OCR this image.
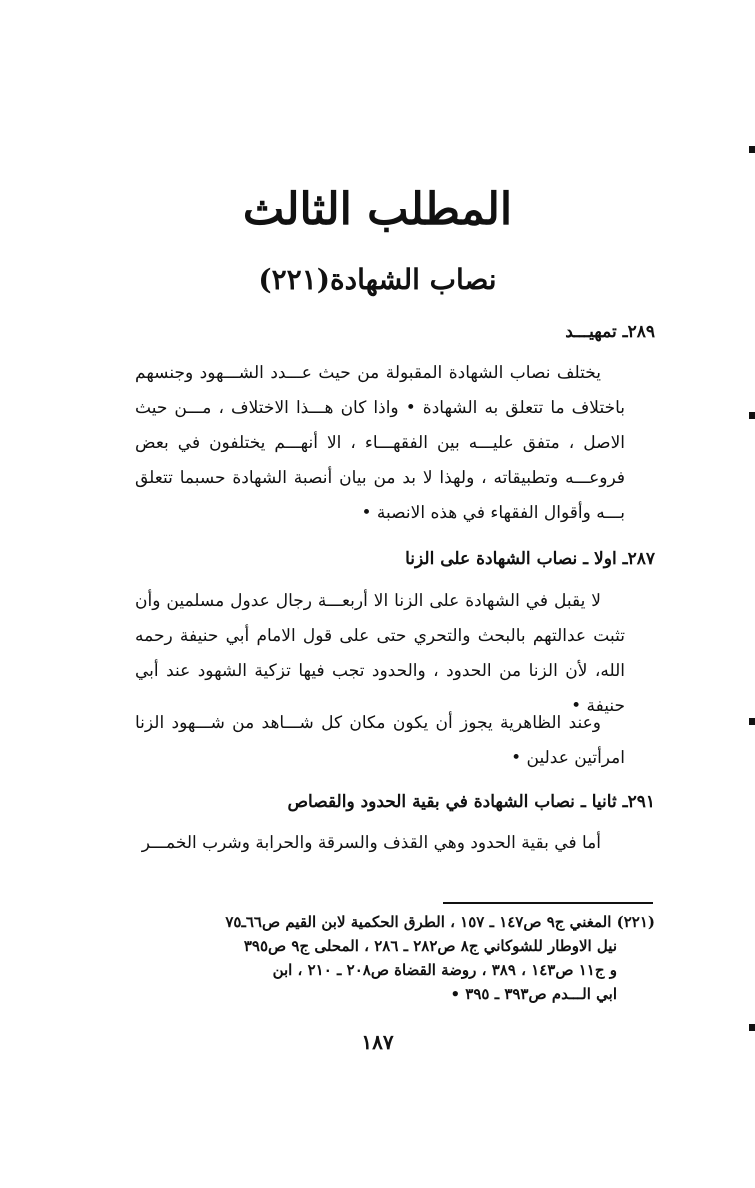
المطلب الثالث
نصاب الشهادة(٢٢١)
٢٨٩ـ تمهيـــد

يختلف نصاب الشهادة المقبولة من حيث عـــدد الشـــهود وجنسهم باختلاف ما تتعلق به الشهادة • واذا كان هـــذا الاختلاف ، مـــن حيث الاصل ، متفق عليـــه بين الفقهـــاء ، الا أنهـــم يختلفون في بعض فروعـــه وتطبيقاته ، ولهذا لا بد من بيان أنصبة الشهادة حسبما تتعلق بـــه وأقوال الفقهاء في هذه الانصبة •

٢٨٧ـ اولا ـ نصاب الشهادة على الزنا

لا يقبل في الشهادة على الزنا الا أربعـــة رجال عدول مسلمين وأن تثبت عدالتهم بالبحث والتحري حتى على قول الامام أبي حنيفة رحمه الله، لأن الزنا من الحدود ، والحدود تجب فيها تزكية الشهود عند أبي حنيفة •

وعند الظاهرية يجوز أن يكون مكان كل شـــاهد من شـــهود الزنا امرأتين عدلين •

٢٩١ـ ثانيا ـ نصاب الشهادة في بقية الحدود والقصاص

أما في بقية الحدود وهي القذف والسرقة والحرابة وشرب الخمـــر

(٢٢١) المغني ج٩ ص١٤٧ ـ ١٥٧ ، الطرق الحكمية لابن القيم ص٦٦ـ٧٥
نيل الاوطار للشوكاني ج٨ ص٢٨٢ ـ ٢٨٦ ، المحلى ج٩ ص٣٩٥
و ج١١ ص١٤٣ ، ٣٨٩ ، روضة القضاة ص٢٠٨ ـ ٢١٠ ، ابن
ابي الـــدم ص٣٩٣ ـ ٣٩٥ •
١٨٧
